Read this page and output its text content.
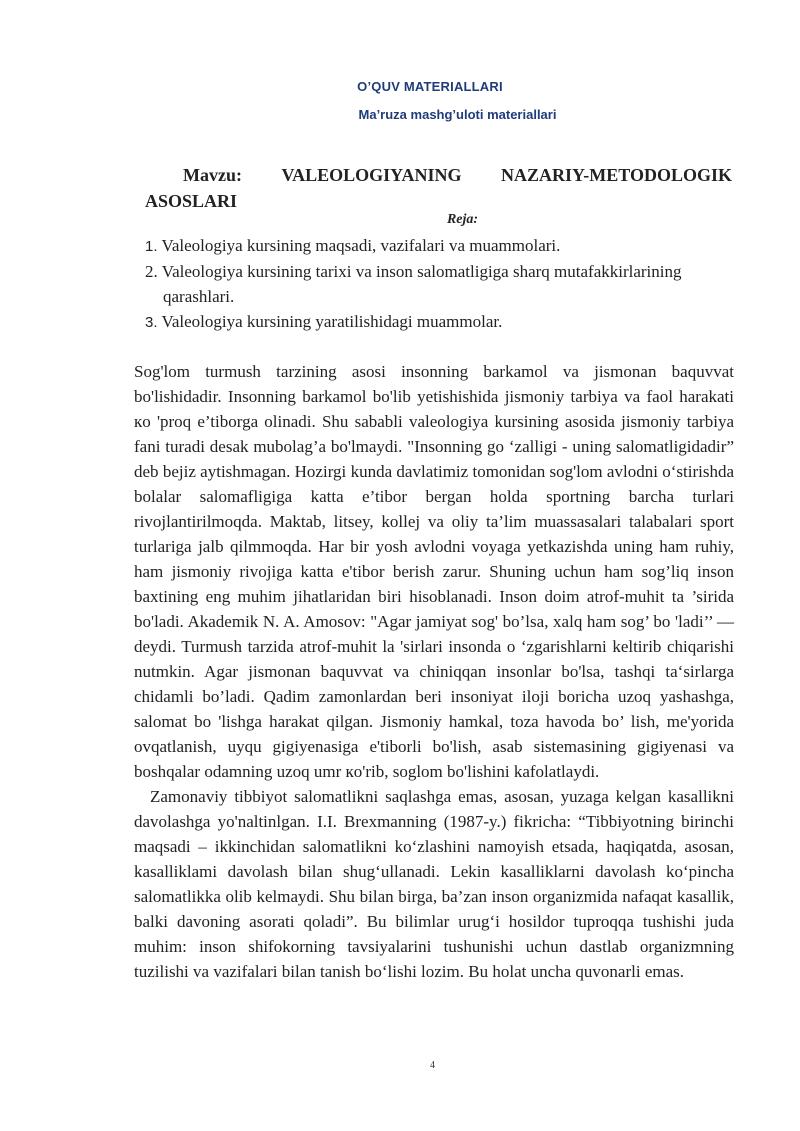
O’QUV MATERIALLARI
Ma’ruza mashg’uloti materiallari
Mavzu: VALEOLOGIYANING NAZARIY-METODOLOGIK
ASOSLARI
Reja:
1. Valeologiya kursining maqsadi, vazifalari va muammolari.
2. Valeologiya kursining tarixi va inson salomatligiga sharq mutafakkirlarining qarashlari.
3. Valeologiya kursining yaratilishidagi muammolar.

Sog'lom turmush tarzining asosi insonning barkamol va jismonan baquvvat bo'lishidadir. Insonning barkamol bo'lib yetishishida jismoniy tarbiya va faol harakati кo 'proq e’tiborga olinadi. Shu sababli valeologiya kursining asosida jismoniy tarbiya fani turadi desak mubolag’a bo'lmaydi. "Insonning go ‘zalligi - uning salomatligidadir” deb bejiz aytishmagan. Hozirgi kunda davlatimiz tomonidan sog'lom avlodni o‘stirishda bolalar salomafligiga katta e’tibor bergan holda sportning barcha turlari rivojlantirilmoqda. Maktab, litsey, kollej va oliy ta’lim muassasalari talabalari sport turlariga jalb qilmmoqda. Har bir yosh avlodni voyaga yetkazishda uning ham ruhiy, ham jismoniy rivojiga katta e'tibor berish zarur. Shuning uchun ham sog’liq inson baxtining eng muhim jihatlaridan biri hisoblanadi. Inson doim atrof-muhit ta ’sirida bo'ladi. Akademik N. A. Amosov: "Agar jamiyat sog' bo’lsa, xalq ham sog’ bo 'ladi’’ — deydi. Turmush tarzida atrof-muhit la 'sirlari insonda o ‘zgarishlarni keltirib chiqarishi nutmkin. Agar jismonan baquvvat va chiniqqan insonlar bo'lsa, tashqi ta‘sirlarga chidamli bo’ladi. Qadim zamonlardan beri insoniyat iloji boricha uzoq yashashga, salomat bo 'lishga harakat qilgan. Jismoniy hamkal, toza havoda bo’ lish, me'yorida ovqatlanish, uyqu gigiyenasiga e'tiborli bo'lish, asab sistemasining gigiyenasi va boshqalar odamning uzoq umr кo'rib, soglom bo'lishini kafolatlaydi.

Zamonaviy tibbiyot salomatlikni saqlashga emas, asosan, yuzaga kelgan kasallikni davolashga yo'naltinlgan. I.I. Brexmanning (1987-y.) fikricha: “Tibbiyotning birinchi maqsadi – ikkinchidan salomatlikni ko‘zlashini namoyish etsada, haqiqatda, asosan, kasalliklami davolash bilan shug‘ullanadi. Lekin kasalliklarni davolash ko‘pincha salomatlikka olib kelmaydi. Shu bilan birga, ba’zan inson organizmida nafaqat kasallik, balki davoning asorati qoladi”. Bu bilimlar urug‘i hosildor tuproqqa tushishi juda muhim: inson shifokorning tavsiyalarini tushunishi uchun dastlab organizmning tuzilishi va vazifalari bilan tanish bo‘lishi lozim. Bu holat uncha quvonarli emas.

4
